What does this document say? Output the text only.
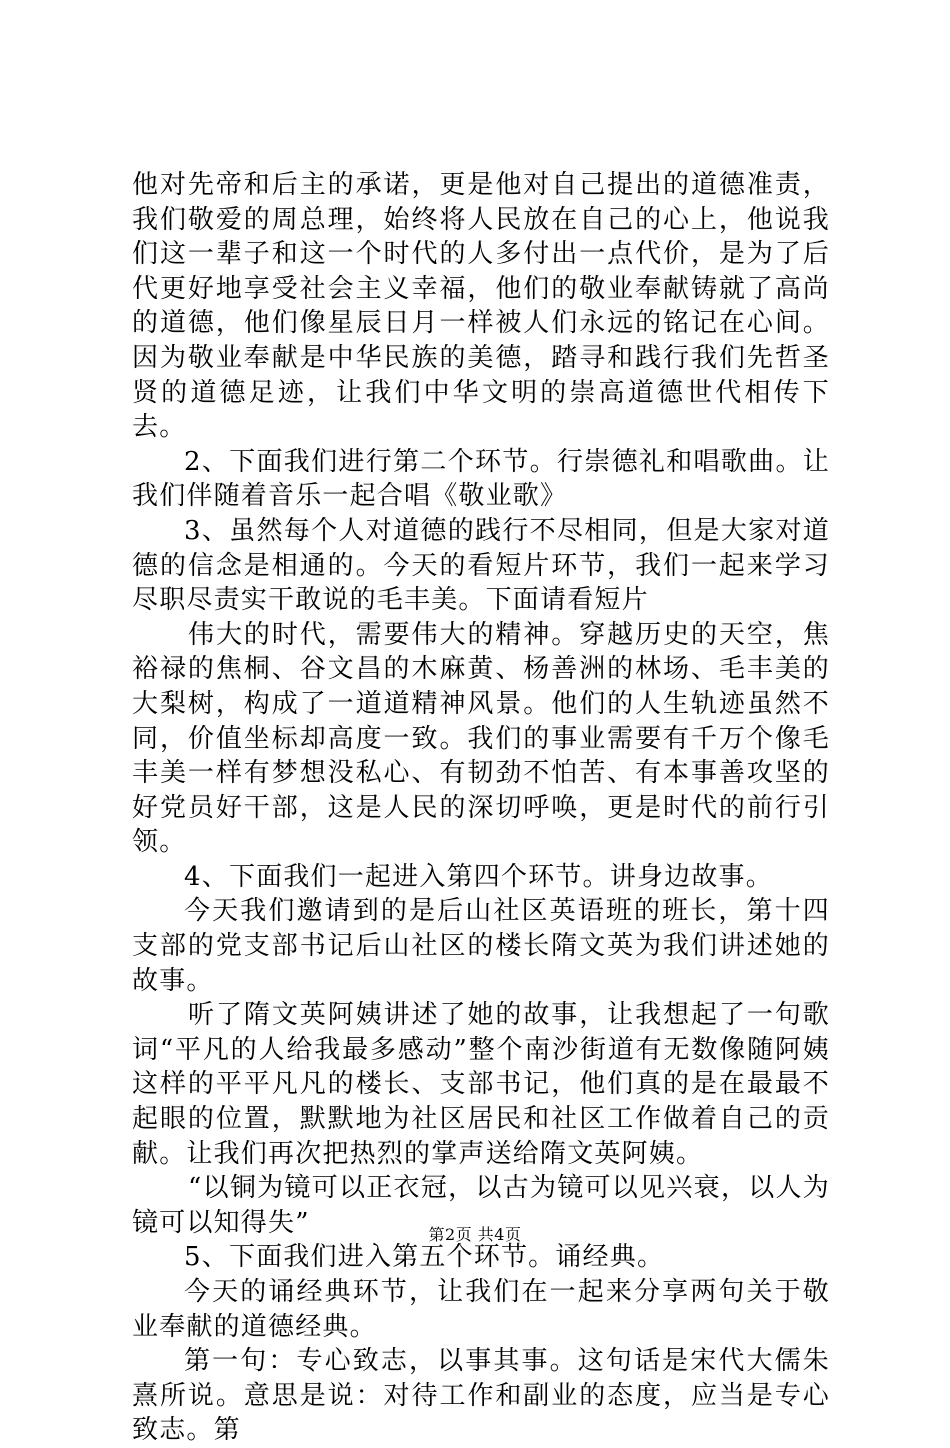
他对先帝和后主的承诺，更是他对自己提出的道德准责，我们敬爱的周总理，始终将人民放在自己的心上，他说我们这一辈子和这一个时代的人多付出一点代价，是为了后代更好地享受社会主义幸福，他们的敬业奉献铸就了高尚的道德，他们像星辰日月一样被人们永远的铭记在心间。因为敬业奉献是中华民族的美德，踏寻和践行我们先哲圣贤的道德足迹，让我们中华文明的崇高道德世代相传下去。

2、下面我们进行第二个环节。行崇德礼和唱歌曲。让我们伴随着音乐一起合唱《敬业歌》

3、虽然每个人对道德的践行不尽相同，但是大家对道德的信念是相通的。今天的看短片环节，我们一起来学习尽职尽责实干敢说的毛丰美。下面请看短片

伟大的时代，需要伟大的精神。穿越历史的天空，焦裕禄的焦桐、谷文昌的木麻黄、杨善洲的林场、毛丰美的大梨树，构成了一道道精神风景。他们的人生轨迹虽然不同，价值坐标却高度一致。我们的事业需要有千万个像毛丰美一样有梦想没私心、有韧劲不怕苦、有本事善攻坚的好党员好干部，这是人民的深切呼唤，更是时代的前行引领。

4、下面我们一起进入第四个环节。讲身边故事。

今天我们邀请到的是后山社区英语班的班长，第十四支部的党支部书记后山社区的楼长隋文英为我们讲述她的故事。

听了隋文英阿姨讲述了她的故事，让我想起了一句歌词“平凡的人给我最多感动”整个南沙街道有无数像随阿姨这样的平平凡凡的楼长、支部书记，他们真的是在最最不起眼的位置，默默地为社区居民和社区工作做着自己的贡献。让我们再次把热烈的掌声送给隋文英阿姨。

“以铜为镜可以正衣冠，以古为镜可以见兴衰，以人为镜可以知得失”

5、下面我们进入第五个环节。诵经典。

今天的诵经典环节，让我们在一起来分享两句关于敬业奉献的道德经典。

第一句：专心致志，以事其事。这句话是宋代大儒朱熹所说。意思是说：对待工作和副业的态度，应当是专心致志。第

第2页 共4页
